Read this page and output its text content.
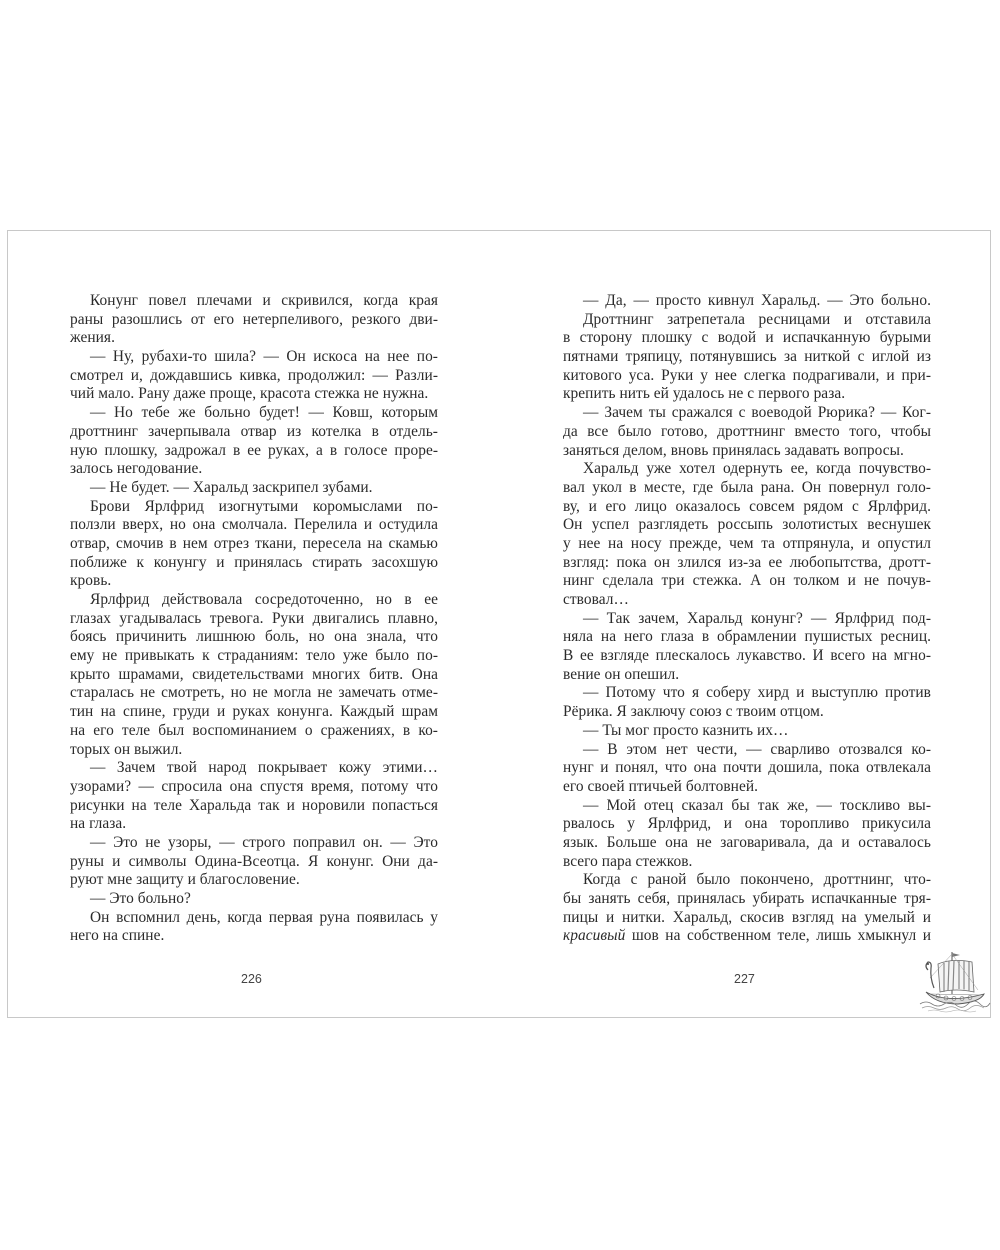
Конунг повел плечами и скривился, когда края
раны разошлись от его нетерпеливого, резкого дви-
жения.
— Ну, рубахи-то шила? — Он искоса на нее по-
смотрел и, дождавшись кивка, продолжил: — Разли-
чий мало. Рану даже проще, красота стежка не нужна.
— Но тебе же больно будет! — Ковш, которым
дроттнинг зачерпывала отвар из котелка в отдель-
ную плошку, задрожал в ее руках, а в голосе проре-
залось негодование.
— Не будет. — Харальд заскрипел зубами.
Брови Ярлфрид изогнутыми коромыслами по-
ползли вверх, но она смолчала. Перелила и остудила
отвар, смочив в нем отрез ткани, пересела на скамью
поближе к конунгу и принялась стирать засохшую
кровь.
Ярлфрид действовала сосредоточенно, но в ее
глазах угадывалась тревога. Руки двигались плавно,
боясь причинить лишнюю боль, но она знала, что
ему не привыкать к страданиям: тело уже было по-
крыто шрамами, свидетельствами многих битв. Она
старалась не смотреть, но не могла не замечать отме-
тин на спине, груди и руках конунга. Каждый шрам
на его теле был воспоминанием о сражениях, в ко-
торых он выжил.
— Зачем твой народ покрывает кожу этими…
узорами? — спросила она спустя время, потому что
рисунки на теле Харальда так и норовили попасться
на глаза.
— Это не узоры, — строго поправил он. — Это
руны и символы Одина-Всеотца. Я конунг. Они да-
руют мне защиту и благословение.
— Это больно?
Он вспомнил день, когда первая руна появилась у
него на спине.
— Да, — просто кивнул Харальд. — Это больно.
Дроттнинг затрепетала ресницами и отставила
в сторону плошку с водой и испачканную бурыми
пятнами тряпицу, потянувшись за ниткой с иглой из
китового уса. Руки у нее слегка подрагивали, и при-
крепить нить ей удалось не с первого раза.
— Зачем ты сражался с воеводой Рюрика? — Ког-
да все было готово, дроттнинг вместо того, чтобы
заняться делом, вновь принялась задавать вопросы.
Харальд уже хотел одернуть ее, когда почувство-
вал укол в месте, где была рана. Он повернул голо-
ву, и его лицо оказалось совсем рядом с Ярлфрид.
Он успел разглядеть россыпь золотистых веснушек
у нее на носу прежде, чем та отпрянула, и опустил
взгляд: пока он злился из-за ее любопытства, дротт-
нинг сделала три стежка. А он толком и не почув-
ствовал…
— Так зачем, Харальд конунг? — Ярлфрид под-
няла на него глаза в обрамлении пушистых ресниц.
В ее взгляде плескалось лукавство. И всего на мгно-
вение он опешил.
— Потому что я соберу хирд и выступлю против
Рёрика. Я заключу союз с твоим отцом.
— Ты мог просто казнить их…
— В этом нет чести, — сварливо отозвался ко-
нунг и понял, что она почти дошила, пока отвлекала
его своей птичьей болтовней.
— Мой отец сказал бы так же, — тоскливо вы-
рвалось у Ярлфрид, и она торопливо прикусила
язык. Больше она не заговаривала, да и оставалось
всего пара стежков.
Когда с раной было покончено, дроттнинг, что-
бы занять себя, принялась убирать испачканные тря-
пицы и нитки. Харальд, скосив взгляд на умелый и
красивый шов на собственном теле, лишь хмыкнул и
226	227
